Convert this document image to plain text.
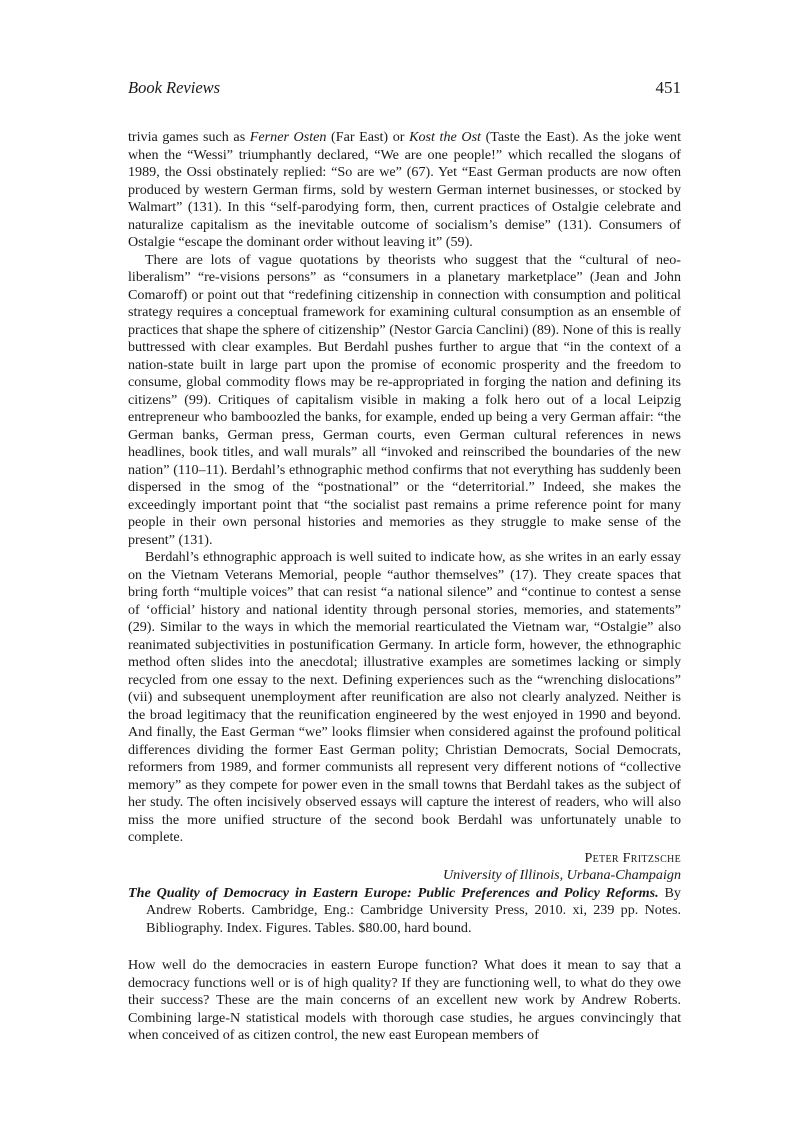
Book Reviews	451

trivia games such as Ferner Osten (Far East) or Kost the Ost (Taste the East). As the joke went when the “Wessi” triumphantly declared, “We are one people!” which recalled the slogans of 1989, the Ossi obstinately replied: “So are we” (67). Yet “East German products are now often produced by western German firms, sold by western German internet businesses, or stocked by Walmart” (131). In this “self-parodying form, then, current practices of Ostalgie celebrate and naturalize capitalism as the inevitable outcome of socialism’s demise” (131). Consumers of Ostalgie “escape the dominant order without leaving it” (59).

There are lots of vague quotations by theorists who suggest that the “cultural of neo-liberalism” “re-visions persons” as “consumers in a planetary marketplace” (Jean and John Comaroff) or point out that “redefining citizenship in connection with consumption and political strategy requires a conceptual framework for examining cultural consumption as an ensemble of practices that shape the sphere of citizenship” (Nestor Garcia Canclini) (89). None of this is really buttressed with clear examples. But Berdahl pushes further to argue that “in the context of a nation-state built in large part upon the promise of economic prosperity and the freedom to consume, global commodity flows may be re-appropriated in forging the nation and defining its citizens” (99). Critiques of capitalism visible in making a folk hero out of a local Leipzig entrepreneur who bamboozled the banks, for example, ended up being a very German affair: “the German banks, German press, German courts, even German cultural references in news headlines, book titles, and wall murals” all “invoked and reinscribed the boundaries of the new nation” (110–11). Berdahl’s ethnographic method confirms that not everything has suddenly been dispersed in the smog of the “postnational” or the “deterritorial.” Indeed, she makes the exceedingly important point that “the socialist past remains a prime reference point for many people in their own personal histories and memories as they struggle to make sense of the present” (131).

Berdahl’s ethnographic approach is well suited to indicate how, as she writes in an early essay on the Vietnam Veterans Memorial, people “author themselves” (17). They create spaces that bring forth “multiple voices” that can resist “a national silence” and “continue to contest a sense of ‘official’ history and national identity through personal stories, memories, and statements” (29). Similar to the ways in which the memorial rearticulated the Vietnam war, “Ostalgie” also reanimated subjectivities in postunification Germany. In article form, however, the ethnographic method often slides into the anecdotal; illustrative examples are sometimes lacking or simply recycled from one essay to the next. Defining experiences such as the “wrenching dislocations” (vii) and subsequent unemployment after reunification are also not clearly analyzed. Neither is the broad legitimacy that the reunification engineered by the west enjoyed in 1990 and beyond. And finally, the East German “we” looks flimsier when considered against the profound political differences dividing the former East German polity; Christian Democrats, Social Democrats, reformers from 1989, and former communists all represent very different notions of “collective memory” as they compete for power even in the small towns that Berdahl takes as the subject of her study. The often incisively observed essays will capture the interest of readers, who will also miss the more unified structure of the second book Berdahl was unfortunately unable to complete.

Peter Fritzsche
University of Illinois, Urbana-Champaign

The Quality of Democracy in Eastern Europe: Public Preferences and Policy Reforms. By Andrew Roberts. Cambridge, Eng.: Cambridge University Press, 2010. xi, 239 pp. Notes. Bibliography. Index. Figures. Tables. $80.00, hard bound.

How well do the democracies in eastern Europe function? What does it mean to say that a democracy functions well or is of high quality? If they are functioning well, to what do they owe their success? These are the main concerns of an excellent new work by Andrew Roberts. Combining large-N statistical models with thorough case studies, he argues convincingly that when conceived of as citizen control, the new east European members of
